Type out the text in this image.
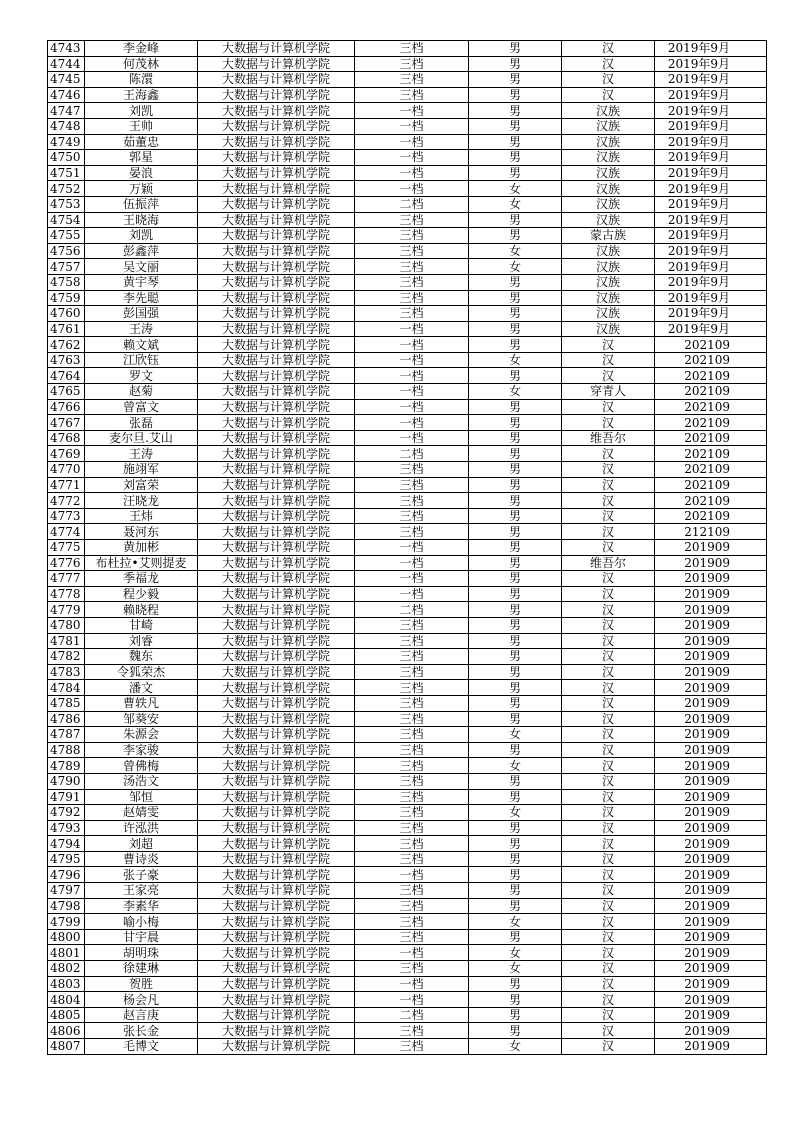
4743	李金峰	大数据与计算机学院	三档	男	汉	2019年9月
4744	何茂林	大数据与计算机学院	三档	男	汉	2019年9月
4745	陈澴	大数据与计算机学院	三档	男	汉	2019年9月
4746	王海鑫	大数据与计算机学院	三档	男	汉	2019年9月
4747	刘凯	大数据与计算机学院	一档	男	汉族	2019年9月
4748	王帅	大数据与计算机学院	一档	男	汉族	2019年9月
4749	茹董忠	大数据与计算机学院	一档	男	汉族	2019年9月
4750	郭星	大数据与计算机学院	一档	男	汉族	2019年9月
4751	晏浪	大数据与计算机学院	一档	男	汉族	2019年9月
4752	万颖	大数据与计算机学院	一档	女	汉族	2019年9月
4753	伍振萍	大数据与计算机学院	二档	女	汉族	2019年9月
4754	王晓海	大数据与计算机学院	三档	男	汉族	2019年9月
4755	刘凯	大数据与计算机学院	三档	男	蒙古族	2019年9月
4756	彭鑫萍	大数据与计算机学院	三档	女	汉族	2019年9月
4757	吴文丽	大数据与计算机学院	三档	女	汉族	2019年9月
4758	黄宇琴	大数据与计算机学院	三档	男	汉族	2019年9月
4759	李先聪	大数据与计算机学院	三档	男	汉族	2019年9月
4760	彭国强	大数据与计算机学院	三档	男	汉族	2019年9月
4761	王涛	大数据与计算机学院	一档	男	汉族	2019年9月
4762	赖文斌	大数据与计算机学院	一档	男	汉	202109
4763	江欣钰	大数据与计算机学院	一档	女	汉	202109
4764	罗文	大数据与计算机学院	一档	男	汉	202109
4765	赵菊	大数据与计算机学院	一档	女	穿青人	202109
4766	曾富文	大数据与计算机学院	一档	男	汉	202109
4767	张磊	大数据与计算机学院	一档	男	汉	202109
4768	麦尔旦.艾山	大数据与计算机学院	一档	男	维吾尔	202109
4769	王涛	大数据与计算机学院	二档	男	汉	202109
4770	施翊军	大数据与计算机学院	三档	男	汉	202109
4771	刘富荣	大数据与计算机学院	三档	男	汉	202109
4772	汪晓龙	大数据与计算机学院	三档	男	汉	202109
4773	王炜	大数据与计算机学院	三档	男	汉	202109
4774	聂河东	大数据与计算机学院	三档	男	汉	212109
4775	黄加彬	大数据与计算机学院	一档	男	汉	201909
4776	布杜拉•艾则提麦	大数据与计算机学院	一档	男	维吾尔	201909
4777	季福龙	大数据与计算机学院	一档	男	汉	201909
4778	程少毅	大数据与计算机学院	一档	男	汉	201909
4779	赖晓程	大数据与计算机学院	二档	男	汉	201909
4780	甘崎	大数据与计算机学院	三档	男	汉	201909
4781	刘睿	大数据与计算机学院	三档	男	汉	201909
4782	魏东	大数据与计算机学院	三档	男	汉	201909
4783	令狐荣杰	大数据与计算机学院	三档	男	汉	201909
4784	潘文	大数据与计算机学院	三档	男	汉	201909
4785	曹轶凡	大数据与计算机学院	三档	男	汉	201909
4786	邹葵安	大数据与计算机学院	三档	男	汉	201909
4787	朱源会	大数据与计算机学院	三档	女	汉	201909
4788	李家骏	大数据与计算机学院	三档	男	汉	201909
4789	曾佛梅	大数据与计算机学院	三档	女	汉	201909
4790	汤浩文	大数据与计算机学院	三档	男	汉	201909
4791	邹恒	大数据与计算机学院	三档	男	汉	201909
4792	赵婧雯	大数据与计算机学院	三档	女	汉	201909
4793	许泓洪	大数据与计算机学院	三档	男	汉	201909
4794	刘超	大数据与计算机学院	三档	男	汉	201909
4795	曹诗炎	大数据与计算机学院	三档	男	汉	201909
4796	张子豪	大数据与计算机学院	一档	男	汉	201909
4797	王家亮	大数据与计算机学院	三档	男	汉	201909
4798	李素华	大数据与计算机学院	三档	男	汉	201909
4799	喻小梅	大数据与计算机学院	三档	女	汉	201909
4800	甘宇晨	大数据与计算机学院	三档	男	汉	201909
4801	胡明珠	大数据与计算机学院	一档	女	汉	201909
4802	徐建琳	大数据与计算机学院	三档	女	汉	201909
4803	贺胜	大数据与计算机学院	一档	男	汉	201909
4804	杨会凡	大数据与计算机学院	一档	男	汉	201909
4805	赵言庚	大数据与计算机学院	二档	男	汉	201909
4806	张长金	大数据与计算机学院	三档	男	汉	201909
4807	毛博文	大数据与计算机学院	三档	女	汉	201909
